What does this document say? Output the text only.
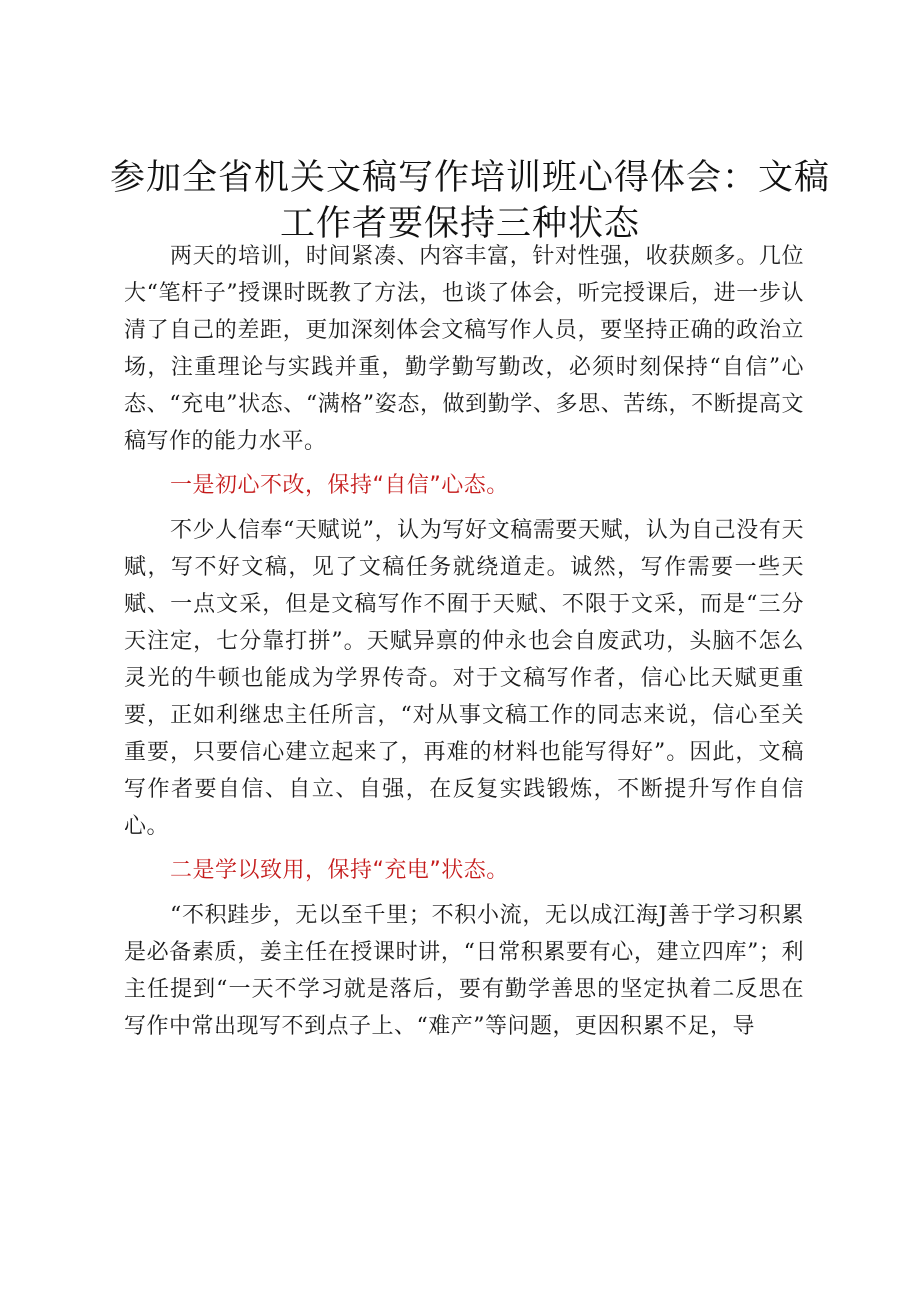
参加全省机关文稿写作培训班心得体会：文稿
工作者要保持三种状态

两天的培训，时间紧凑、内容丰富，针对性强，收获颇多。几位大“笔杆子”授课时既教了方法，也谈了体会，听完授课后，进一步认清了自己的差距，更加深刻体会文稿写作人员，要坚持正确的政治立场，注重理论与实践并重，勤学勤写勤改，必须时刻保持“自信”心态、“充电”状态、“满格”姿态，做到勤学、多思、苦练，不断提高文稿写作的能力水平。

一是初心不改，保持“自信”心态。

不少人信奉“天赋说”，认为写好文稿需要天赋，认为自己没有天赋，写不好文稿，见了文稿任务就绕道走。诚然，写作需要一些天赋、一点文采，但是文稿写作不囿于天赋、不限于文采，而是“三分天注定，七分靠打拼”。天赋异禀的仲永也会自废武功，头脑不怎么灵光的牛顿也能成为学界传奇。对于文稿写作者，信心比天赋更重要，正如利继忠主任所言，“对从事文稿工作的同志来说，信心至关重要，只要信心建立起来了，再难的材料也能写得好”。因此，文稿写作者要自信、自立、自强，在反复实践锻炼，不断提升写作自信心。

二是学以致用，保持“充电”状态。

“不积跬步，无以至千里；不积小流，无以成江海J善于学习积累是必备素质，姜主任在授课时讲，“日常积累要有心，建立四库”；利主任提到“一天不学习就是落后，要有勤学善思的坚定执着二反思在写作中常出现写不到点子上、“难产”等问题，更因积累不足，导
